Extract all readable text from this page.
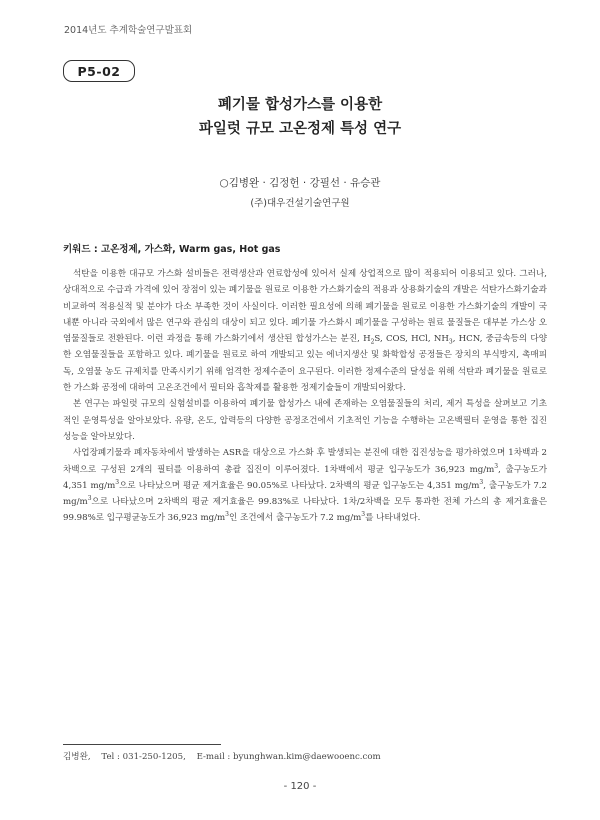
2014년도 추계학술연구발표회
P5-02
폐기물 합성가스를 이용한
파일럿 규모 고온정제 특성 연구
○김병완 · 김정헌 · 강필선 · 유승관
(주)대우건설기술연구원
키워드 : 고온정제, 가스화, Warm gas, Hot gas

석탄을 이용한 대규모 가스화 설비들은 전력생산과 연료합성에 있어서 실제 상업적으로 많이 적용되어 이용되고 있다. 그러나, 상대적으로 수급과 가격에 있어 장점이 있는 폐기물을 원료로 이용한 가스화기술의 적용과 상용화기술의 개발은 석탄가스화기술과 비교하여 적용실적 및 분야가 다소 부족한 것이 사실이다. 이러한 필요성에 의해 폐기물을 원료로 이용한 가스화기술의 개발이 국내뿐 아니라 국외에서 많은 연구와 관심의 대상이 되고 있다. 폐기물 가스화시 폐기물을 구성하는 원료 물질들은 대부분 가스상 오염물질들로 전환된다. 이런 과정을 통해 가스화기에서 생산된 합성가스는 분진, $H_2S$, COS, HCl, $NH_3$, HCN, 중금속등의 다양한 오염물질들을 포함하고 있다. 폐기물을 원료로 하여 개발되고 있는 에너지생산 및 화학합성 공정들은 장치의 부식방지, 촉매피독, 오염물 농도 규제치를 만족시키기 위해 엄격한 정제수준이 요구된다. 이러한 정제수준의 달성을 위해 석탄과 폐기물을 원료로 한 가스화 공정에 대하여 고온조건에서 필터와 흡착제를 활용한 정제기술들이 개발되어왔다.

본 연구는 파일럿 규모의 실험설비를 이용하여 폐기물 합성가스 내에 존재하는 오염물질들의 처리, 제거 특성을 살펴보고 기초적인 운영특성을 알아보았다. 유량, 온도, 압력등의 다양한 공정조건에서 기초적인 기능을 수행하는 고온백필터 운영을 통한 집진성능을 알아보았다.

사업장폐기물과 폐자동차에서 발생하는 ASR을 대상으로 가스화 후 발생되는 분진에 대한 집진성능을 평가하였으며 1차백과 2차백으로 구성된 2개의 필터를 이용하여 총괄 집진이 이루어졌다. 1차백에서 평균 입구농도가 36,923 $mg/m^3$, 출구농도가 4,351 $mg/m^3$으로 나타났으며 평균 제거효율은 90.05%로 나타났다. 2차백의 평균 입구농도는 4,351 $mg/m^3$, 출구농도가 7.2 $mg/m^3$으로 나타났으며 2차백의 평균 제거효율은 99.83%로 나타났다. 1차/2차백을 모두 통과한 전체 가스의 총 제거효율은 99.98%로 입구평균농도가 36,923 $mg/m^3$인 조건에서 출구농도가 7.2 $mg/m^3$를 나타내었다.

김병완, Tel : 031-250-1205, E-mail : byunghwan.kim@daewooenc.com
- 120 -
